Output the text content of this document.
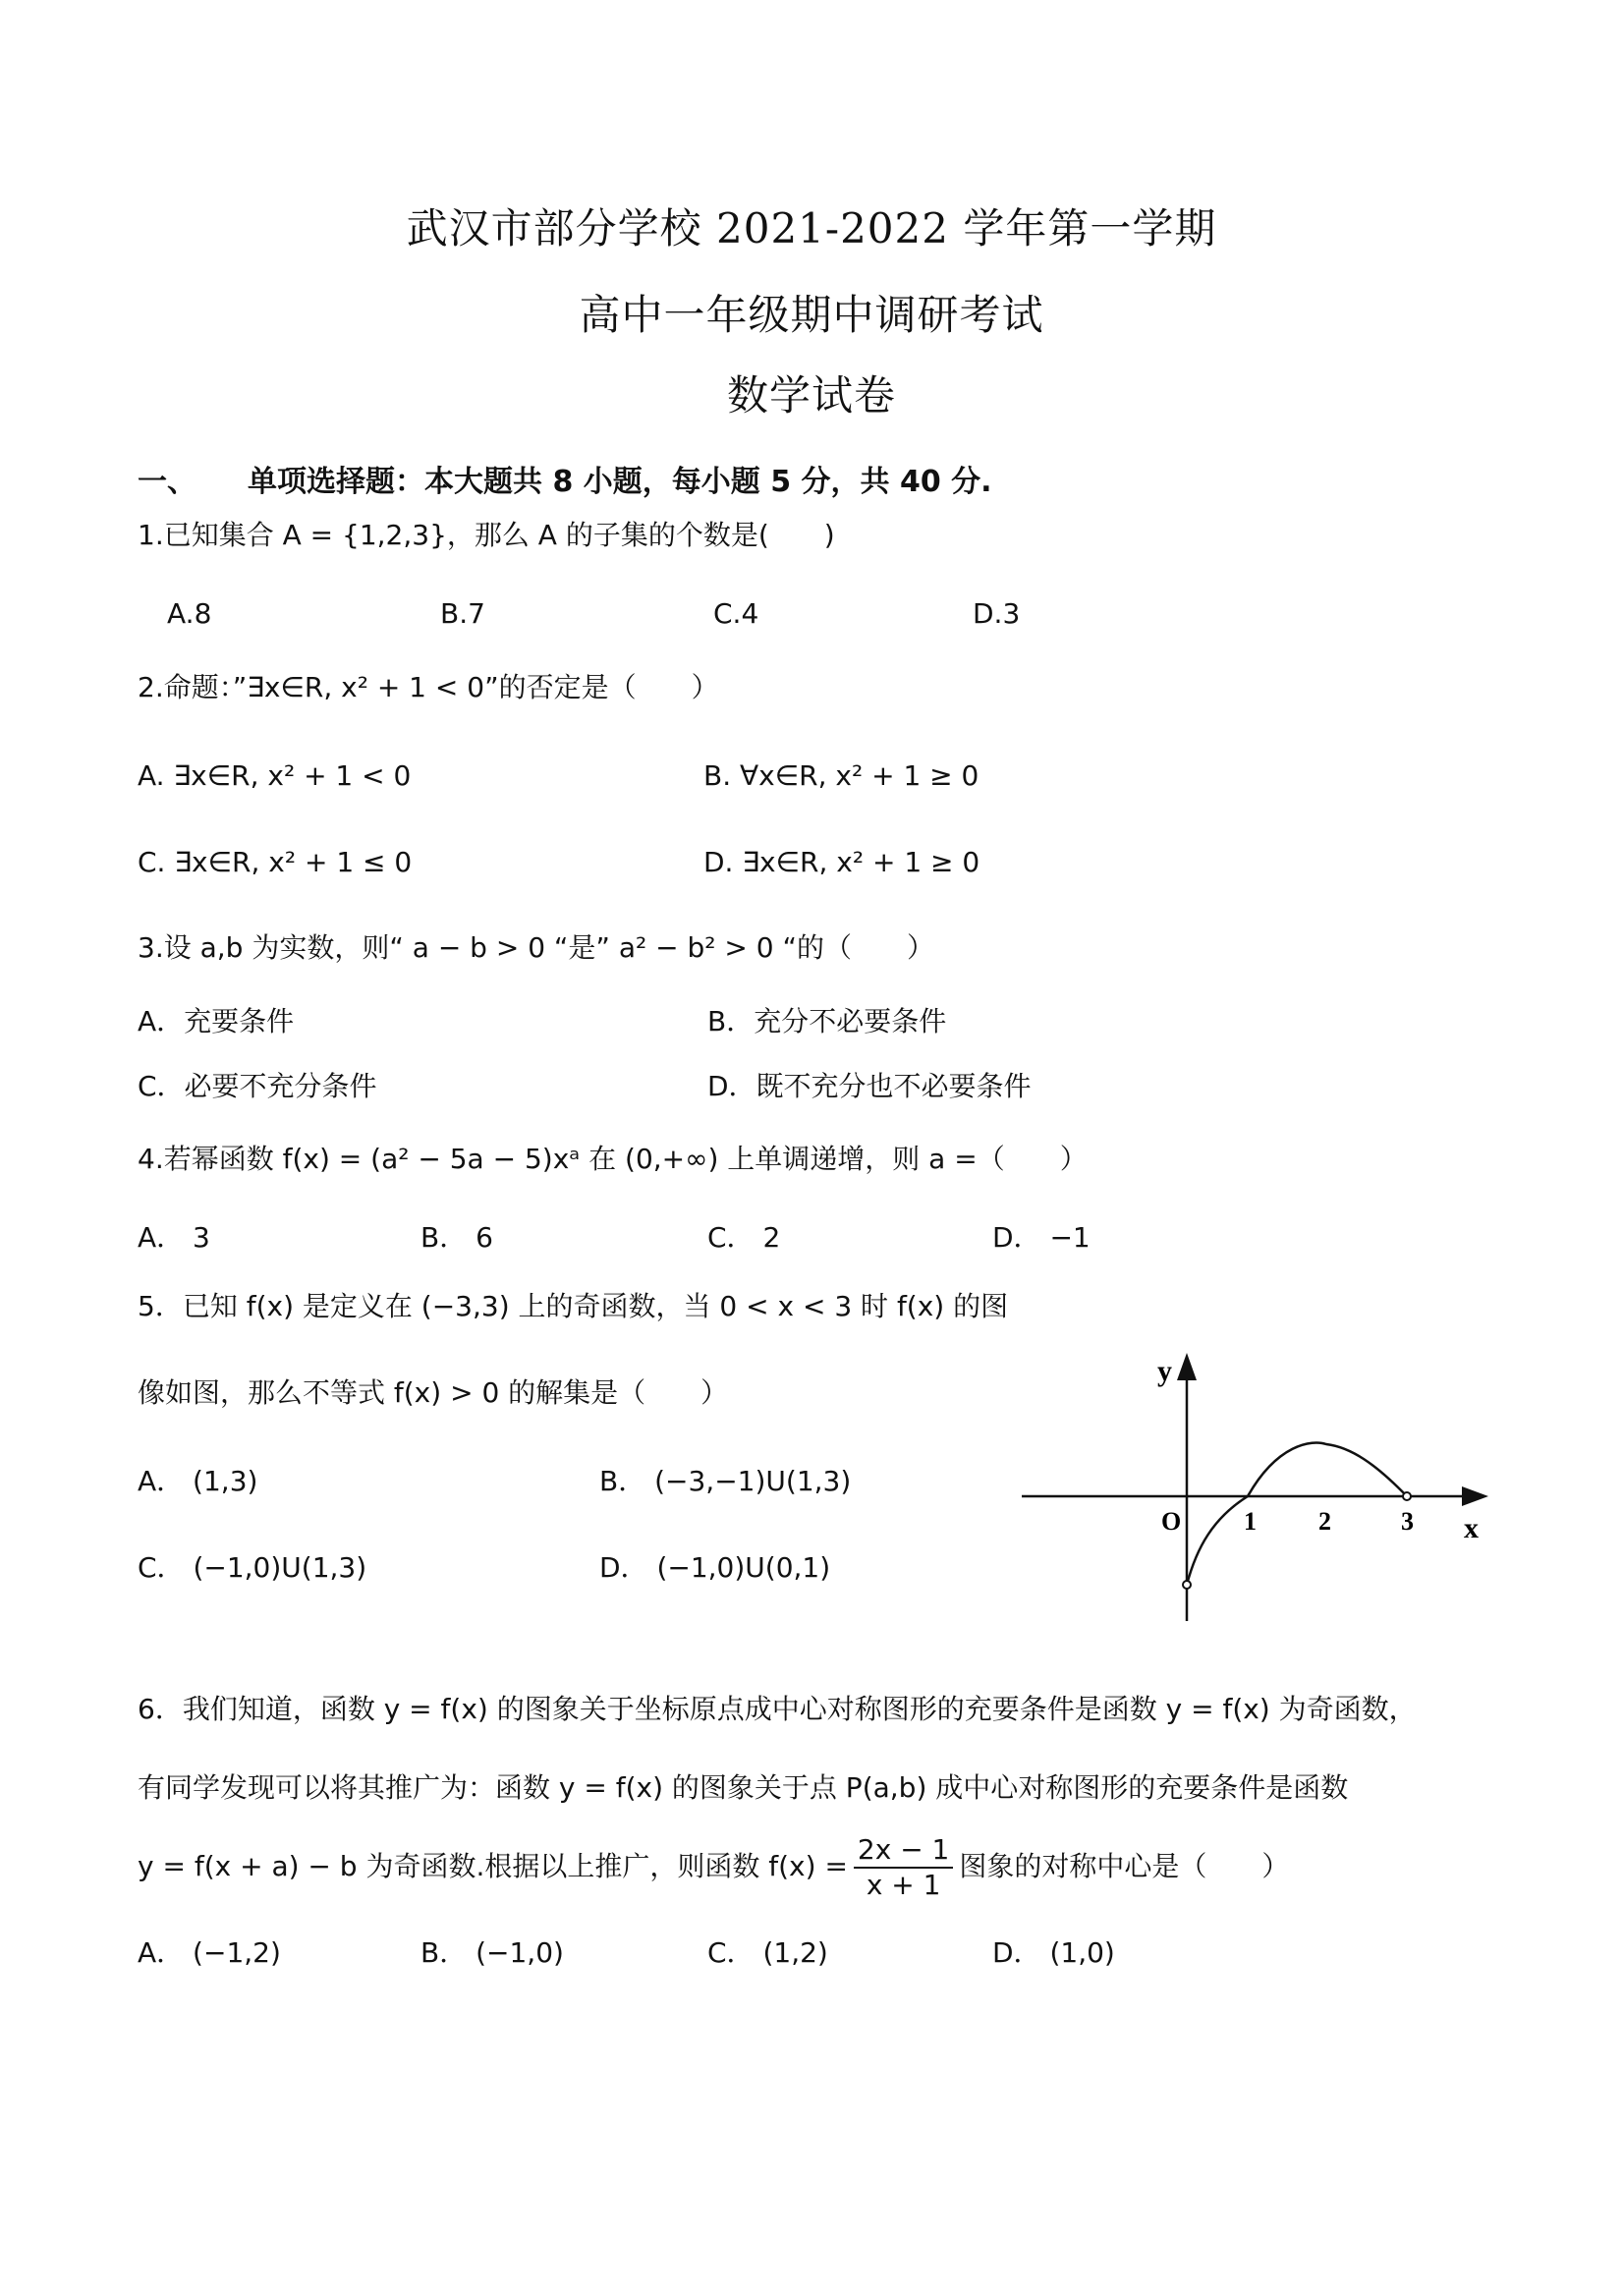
武汉市部分学校 2021-2022 学年第一学期
高中一年级期中调研考试
数学试卷
一、 单项选择题：本大题共 8 小题，每小题 5 分，共 40 分.
1.已知集合 A = {1,2,3}，那么 A 的子集的个数是(　　)
A.8	B.7	C.4	D.3
2.命题：”∃x∈R, x² + 1 < 0”的否定是（　　）
A. ∃x∈R, x² + 1 < 0	B. ∀x∈R, x² + 1 ≥ 0
C. ∃x∈R, x² + 1 ≤ 0	D. ∃x∈R, x² + 1 ≥ 0
3.设 a,b 为实数，则“ a − b > 0 “是” a² − b² > 0 “的（　　）
A．充要条件	B．充分不必要条件
C．必要不充分条件	D．既不充分也不必要条件
4.若幂函数 f(x) = (a² − 5a − 5)xᵃ 在 (0,+∞) 上单调递增，则 a =（　　）
A． 3	B． 6	C． 2	D． −1
5．已知 f(x) 是定义在 (−3,3) 上的奇函数，当 0 < x < 3 时 f(x) 的图
像如图，那么不等式 f(x) > 0 的解集是（　　）
A． (1,3)	B． (−3,−1)U(1,3)
C． (−1,0)U(1,3)	D． (−1,0)U(0,1)
y
x
O 1 2	3
6．我们知道，函数 y = f(x) 的图象关于坐标原点成中心对称图形的充要条件是函数 y = f(x) 为奇函数，
有同学发现可以将其推广为：函数 y = f(x) 的图象关于点 P(a,b) 成中心对称图形的充要条件是函数
y = f(x + a) − b 为奇函数.根据以上推广，则函数 $f(x) = \frac{2x - 1}{x + 1}$ 图象的对称中心是（　　）
A． (−1,2)	B． (−1,0)	C． (1,2)	D． (1,0)
